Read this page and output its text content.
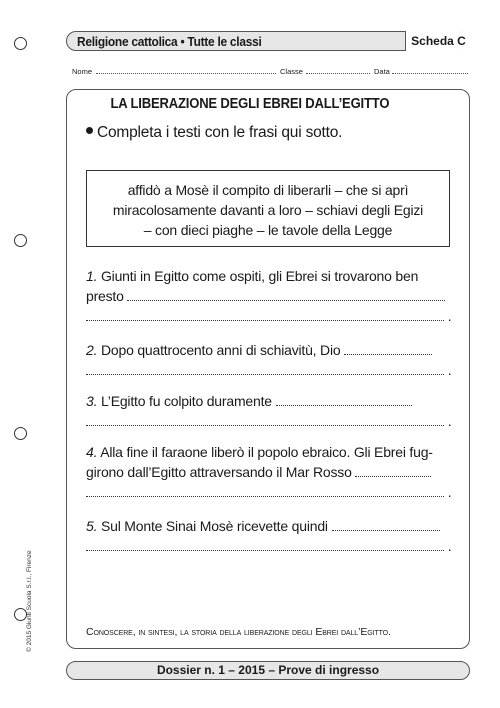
Religione cattolica • Tutte le classi	Scheda C
Nome	Classe	Data
LA LIBERAZIONE DEGLI EBREI DALL’EGITTO
Completa i testi con le frasi qui sotto.

affidò a Mosè il compito di liberarli – che si aprì

miracolosamente davanti a loro – schiavi degli Egizi

– con dieci piaghe – le tavole della Legge

1. Giunti in Egitto come ospiti, gli Ebrei si trovarono ben
presto
.
2. Dopo quattrocento anni di schiavitù, Dio
.
3. L’Egitto fu colpito duramente
.
4. Alla fine il faraone liberò il popolo ebraico. Gli Ebrei fug-
girono dall’Egitto attraversando il Mar Rosso
.
5. Sul Monte Sinai Mosè ricevette quindi
.
Conoscere, in sintesi, la storia della liberazione degli Ebrei dall’Egitto.
Dossier n. 1 – 2015 – Prove di ingresso
© 2015 Giunti Scuola S.r.l., Firenze
